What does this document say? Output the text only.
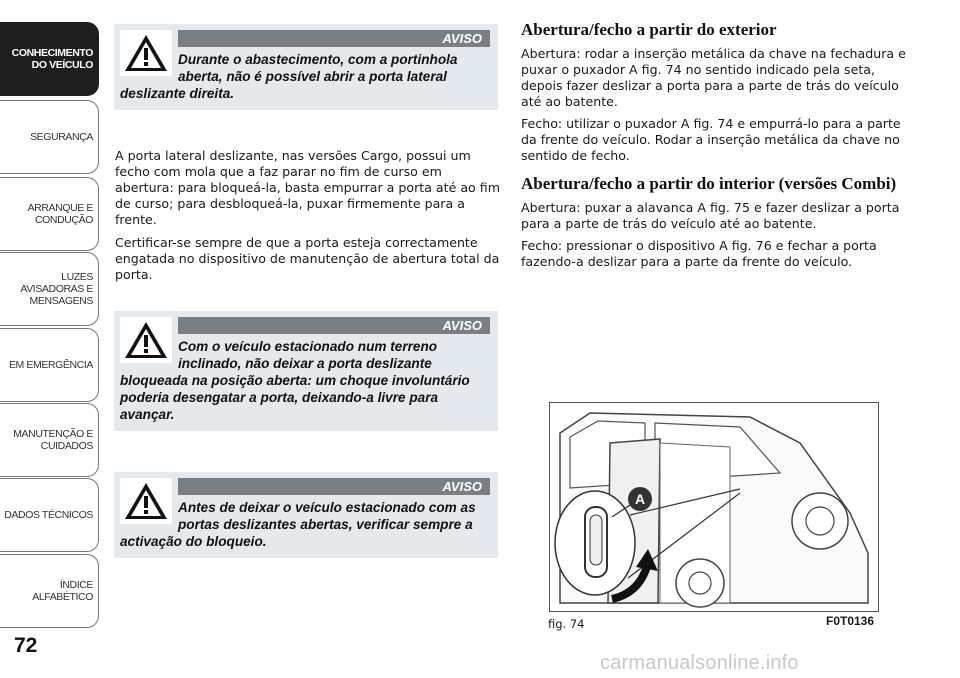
CONHECIMENTO DO VEÍCULO
SEGURANÇA
ARRANQUE E CONDUÇÃO
LUZES AVISADORAS E MENSAGENS
EM EMERGÊNCIA
MANUTENÇÃO E CUIDADOS
DADOS TÉCNICOS
ÍNDICE ALFABÉTICO
72
AVISO
Durante o abastecimento, com a portinhola aberta, não é possível abrir a porta lateral deslizante direita.

A porta lateral deslizante, nas versões Cargo, possui um fecho com mola que a faz parar no fim de curso em abertura: para bloqueá-la, basta empurrar a porta até ao fim de curso; para desbloqueá-la, puxar firmemente para a frente.

Certificar-se sempre de que a porta esteja correctamente engatada no dispositivo de manutenção de abertura total da porta.

AVISO
Com o veículo estacionado num terreno inclinado, não deixar a porta deslizante bloqueada na posição aberta: um choque involuntário poderia desengatar a porta, deixando-a livre para avançar.
AVISO
Antes de deixar o veículo estacionado com as portas deslizantes abertas, verificar sempre a activação do bloqueio.
Abertura/fecho a partir do exterior

Abertura: rodar a inserção metálica da chave na fechadura e puxar o puxador A fig. 74 no sentido indicado pela seta, depois fazer deslizar a porta para a parte de trás do veículo até ao batente.

Fecho: utilizar o puxador A fig. 74 e empurrá-lo para a parte da frente do veículo. Rodar a inserção metálica da chave no sentido de fecho.

Abertura/fecho a partir do interior (versões Combi)

Abertura: puxar a alavanca A fig. 75 e fazer deslizar a porta para a parte de trás do veículo até ao batente.

Fecho: pressionar o dispositivo A fig. 76 e fechar a porta fazendo-a deslizar para a parte da frente do veículo.

A
fig. 74	F0T0136
carmanualsonline.info
